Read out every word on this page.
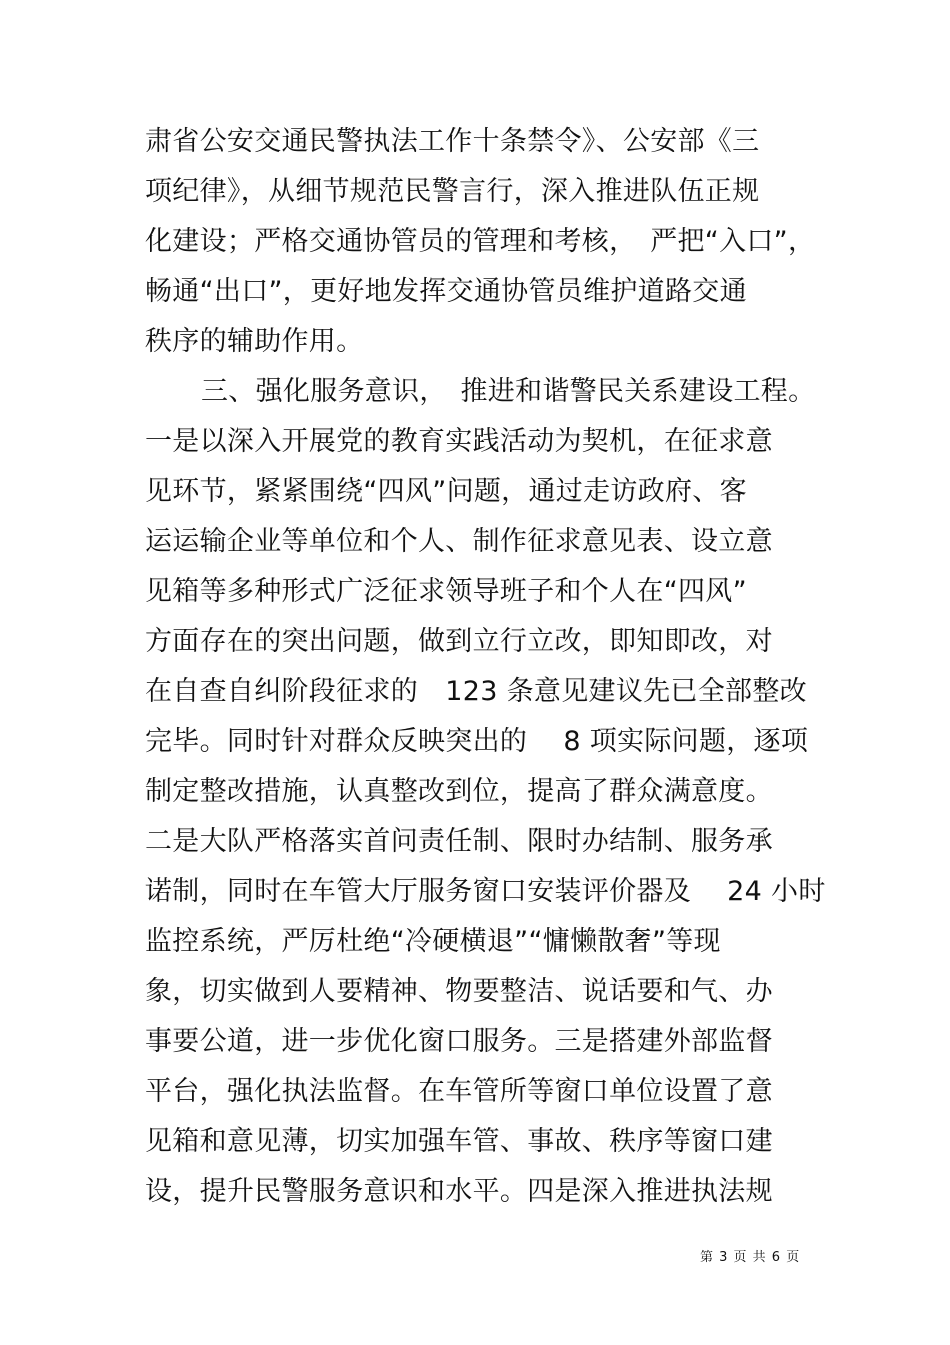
肃省公安交通民警执法工作十条禁令》、公安部《三
项纪律》，从细节规范民警言行，深入推进队伍正规
化建设；严格交通协管员的管理和考核，　严把“入口”，
畅通“出口”，更好地发挥交通协管员维护道路交通
秩序的辅助作用。
三、强化服务意识，　推进和谐警民关系建设工程。
一是以深入开展党的教育实践活动为契机，在征求意
见环节，紧紧围绕“四风”问题，通过走访政府、客
运运输企业等单位和个人、制作征求意见表、设立意
见箱等多种形式广泛征求领导班子和个人在“四风”
方面存在的突出问题，做到立行立改，即知即改，对
在自查自纠阶段征求的　123 条意见建议先已全部整改
完毕。同时针对群众反映突出的　 8 项实际问题，逐项
制定整改措施，认真整改到位，提高了群众满意度。
二是大队严格落实首问责任制、限时办结制、服务承
诺制，同时在车管大厅服务窗口安装评价器及　 24 小时
监控系统，严厉杜绝“冷硬横退”“慵懒散奢”等现
象，切实做到人要精神、物要整洁、说话要和气、办
事要公道，进一步优化窗口服务。三是搭建外部监督
平台，强化执法监督。在车管所等窗口单位设置了意
见箱和意见薄，切实加强车管、事故、秩序等窗口建
设，提升民警服务意识和水平。四是深入推进执法规
第 3 页 共 6 页
